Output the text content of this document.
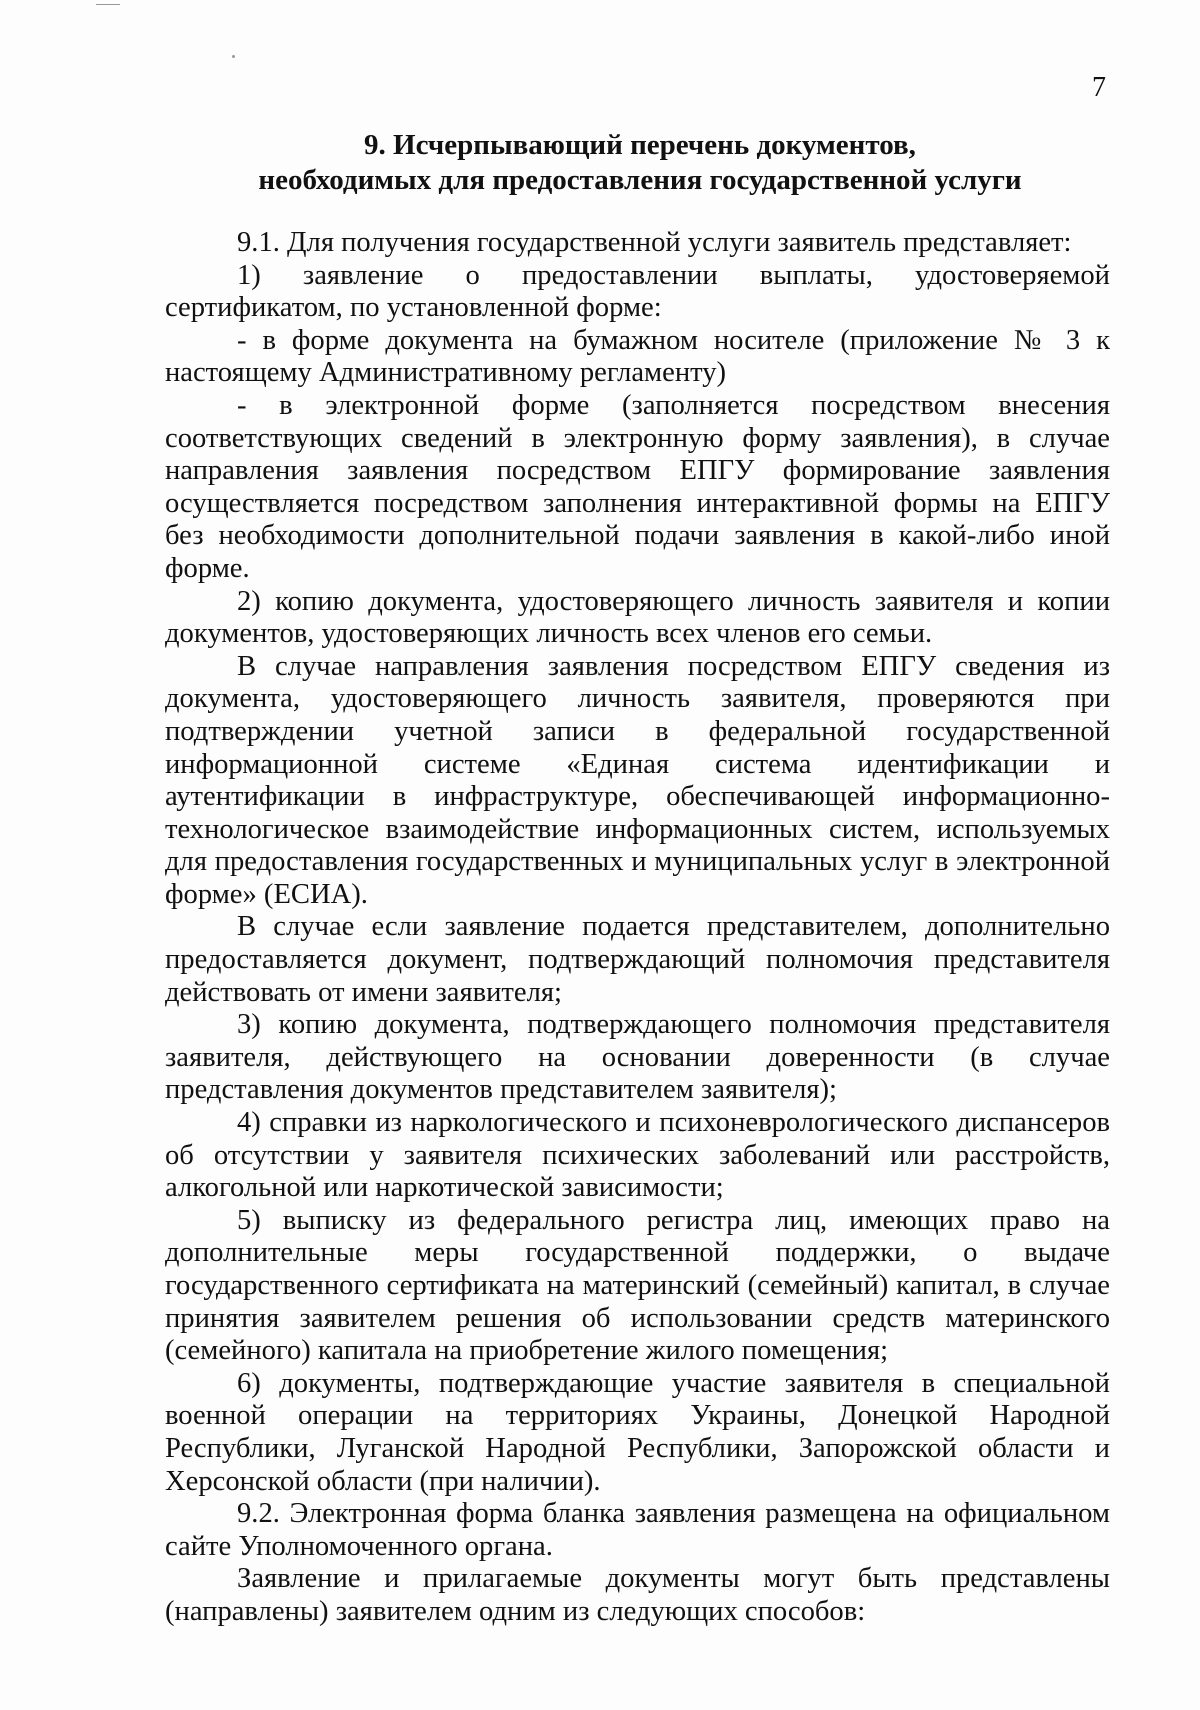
7
9. Исчерпывающий перечень документов,
необходимых для предоставления государственной услуги

9.1. Для получения государственной услуги заявитель представляет:

1) заявление о предоставлении выплаты, удостоверяемой сертификатом, по установленной форме:

- в форме документа на бумажном носителе (приложение № 3 к настоящему Административному регламенту)

- в электронной форме (заполняется посредством внесения соответствующих сведений в электронную форму заявления), в случае направления заявления посредством ЕПГУ формирование заявления осуществляется посредством заполнения интерактивной формы на ЕПГУ без необходимости дополнительной подачи заявления в какой-либо иной форме.

2) копию документа, удостоверяющего личность заявителя и копии документов, удостоверяющих личность всех членов его семьи.

В случае направления заявления посредством ЕПГУ сведения из документа, удостоверяющего личность заявителя, проверяются при подтверждении учетной записи в федеральной государственной информационной системе «Единая система идентификации и аутентификации в инфраструктуре, обеспечивающей информационно-технологическое взаимодействие информационных систем, используемых для предоставления государственных и муниципальных услуг в электронной форме» (ЕСИА).

В случае если заявление подается представителем, дополнительно предоставляется документ, подтверждающий полномочия представителя действовать от имени заявителя;

3) копию документа, подтверждающего полномочия представителя заявителя, действующего на основании доверенности (в случае представления документов представителем заявителя);

4) справки из наркологического и психоневрологического диспансеров об отсутствии у заявителя психических заболеваний или расстройств, алкогольной или наркотической зависимости;

5) выписку из федерального регистра лиц, имеющих право на дополнительные меры государственной поддержки, о выдаче государственного сертификата на материнский (семейный) капитал, в случае принятия заявителем решения об использовании средств материнского (семейного) капитала на приобретение жилого помещения;

6) документы, подтверждающие участие заявителя в специальной военной операции на территориях Украины, Донецкой Народной Республики, Луганской Народной Республики, Запорожской области и Херсонской области (при наличии).

9.2. Электронная форма бланка заявления размещена на официальном сайте Уполномоченного органа.

Заявление и прилагаемые документы могут быть представлены (направлены) заявителем одним из следующих способов:
